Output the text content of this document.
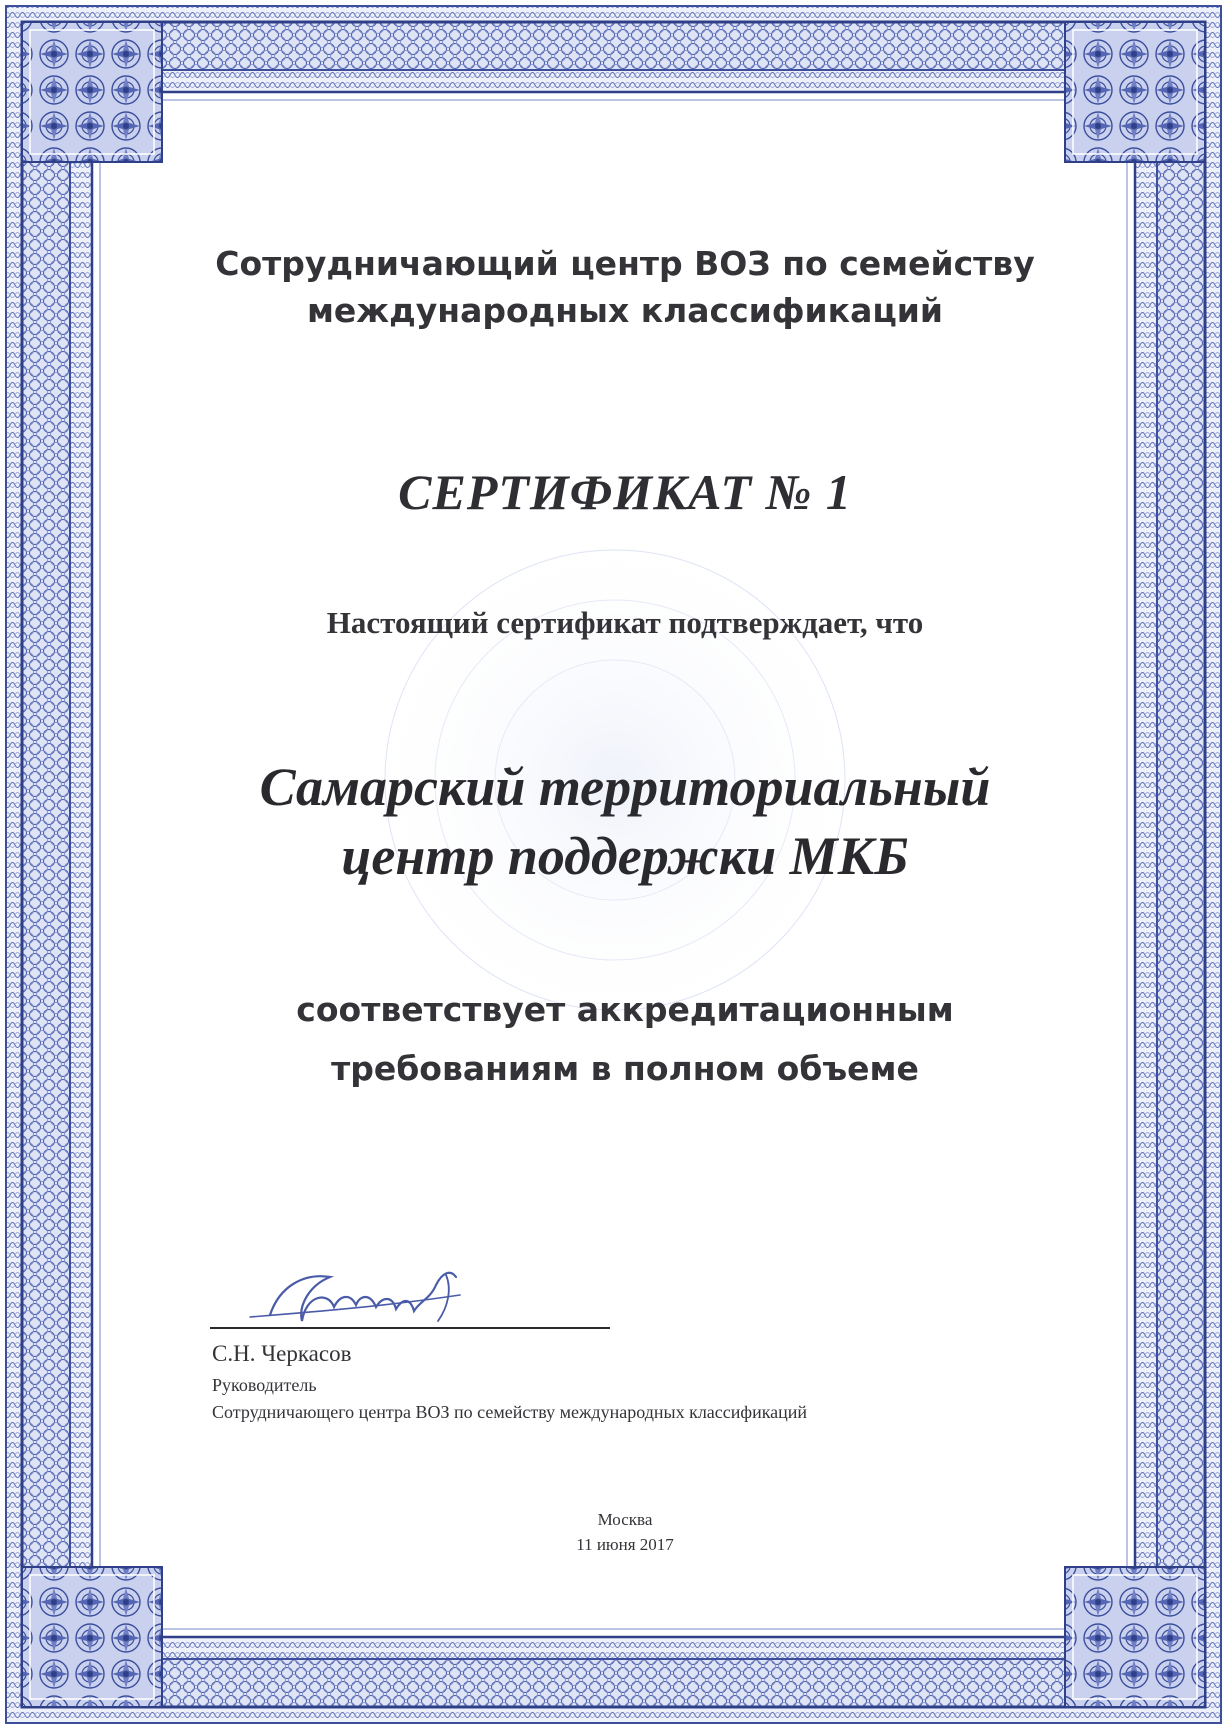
Сотрудничающий центр ВОЗ по семейству
международных классификаций
СЕРТИФИКАТ № 1
Настоящий сертификат подтверждает, что
Самарский территориальный
центр поддержки МКБ
соответствует аккредитационным
требованиям в полном объеме
С.Н. Черкасов
Руководитель
Сотрудничающего центра ВОЗ по семейству международных классификаций
Москва
11 июня 2017
